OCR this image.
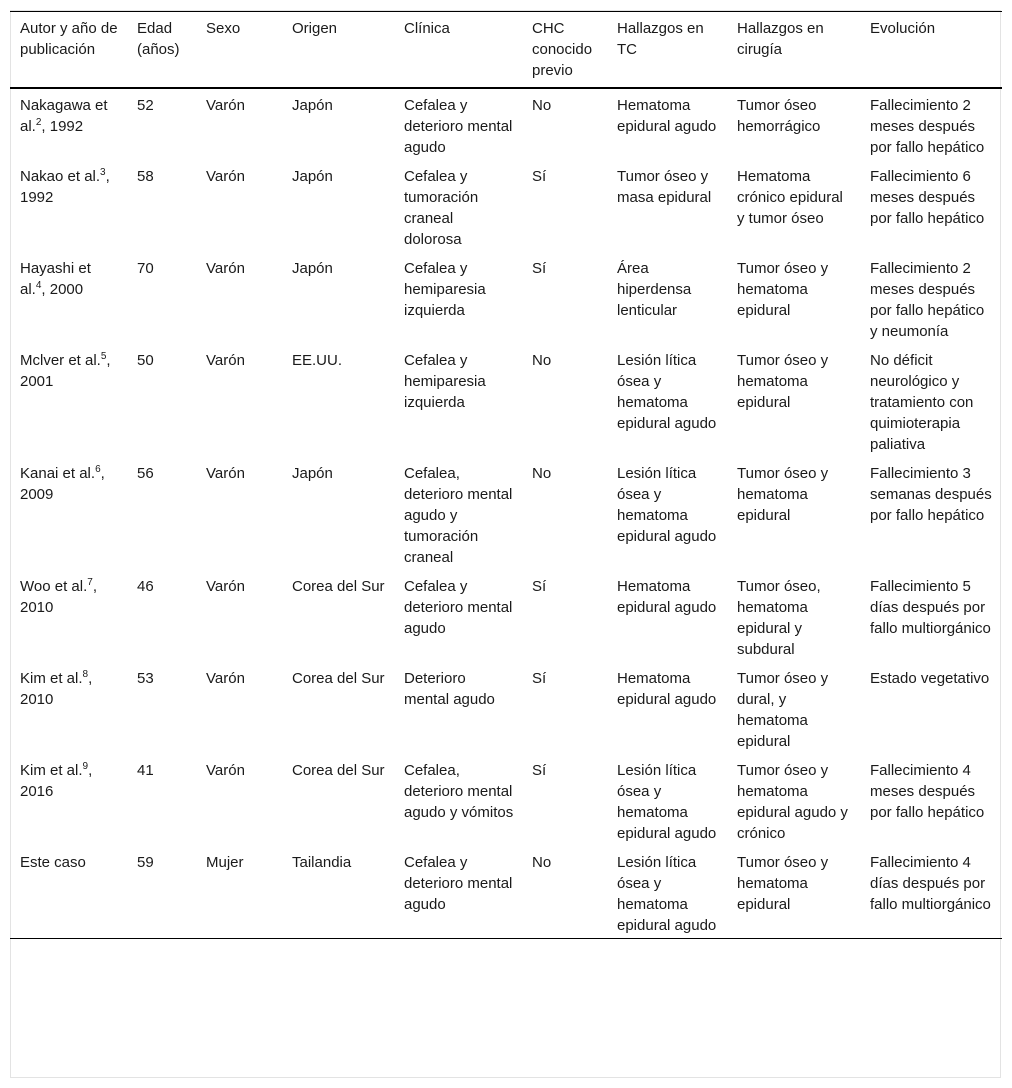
Autor y año de publicación	Edad (años)	Sexo	Origen	Clínica	CHC conocido previo	Hallazgos en TC	Hallazgos en cirugía	Evolución
Nakagawa et al.$^2$, 1992	52	Varón	Japón	Cefalea y deterioro mental agudo	No	Hematoma epidural agudo	Tumor óseo hemorrágico	Fallecimiento 2 meses después por fallo hepático
Nakao et al.$^3$, 1992	58	Varón	Japón	Cefalea y tumoración craneal dolorosa	Sí	Tumor óseo y masa epidural	Hematoma crónico epidural y tumor óseo	Fallecimiento 6 meses después por fallo hepático
Hayashi et al.$^4$, 2000	70	Varón	Japón	Cefalea y hemiparesia izquierda	Sí	Área hiperdensa lenticular	Tumor óseo y hematoma epidural	Fallecimiento 2 meses después por fallo hepático y neumonía
Mclver et al.$^5$, 2001	50	Varón	EE.UU.	Cefalea y hemiparesia izquierda	No	Lesión lítica ósea y hematoma epidural agudo	Tumor óseo y hematoma epidural	No déficit neurológico y tratamiento con quimioterapia paliativa
Kanai et al.$^6$, 2009	56	Varón	Japón	Cefalea, deterioro mental agudo y tumoración craneal	No	Lesión lítica ósea y hematoma epidural agudo	Tumor óseo y hematoma epidural	Fallecimiento 3 semanas después por fallo hepático
Woo et al.$^7$, 2010	46	Varón	Corea del Sur	Cefalea y deterioro mental agudo	Sí	Hematoma epidural agudo	Tumor óseo, hematoma epidural y subdural	Fallecimiento 5 días después por fallo multiorgánico
Kim et al.$^8$, 2010	53	Varón	Corea del Sur	Deterioro mental agudo	Sí	Hematoma epidural agudo	Tumor óseo y dural, y hematoma epidural	Estado vegetativo
Kim et al.$^9$, 2016	41	Varón	Corea del Sur	Cefalea, deterioro mental agudo y vómitos	Sí	Lesión lítica ósea y hematoma epidural agudo	Tumor óseo y hematoma epidural agudo y crónico	Fallecimiento 4 meses después por fallo hepático
Este caso	59	Mujer	Tailandia	Cefalea y deterioro mental agudo	No	Lesión lítica ósea y hematoma epidural agudo	Tumor óseo y hematoma epidural	Fallecimiento 4 días después por fallo multiorgánico
